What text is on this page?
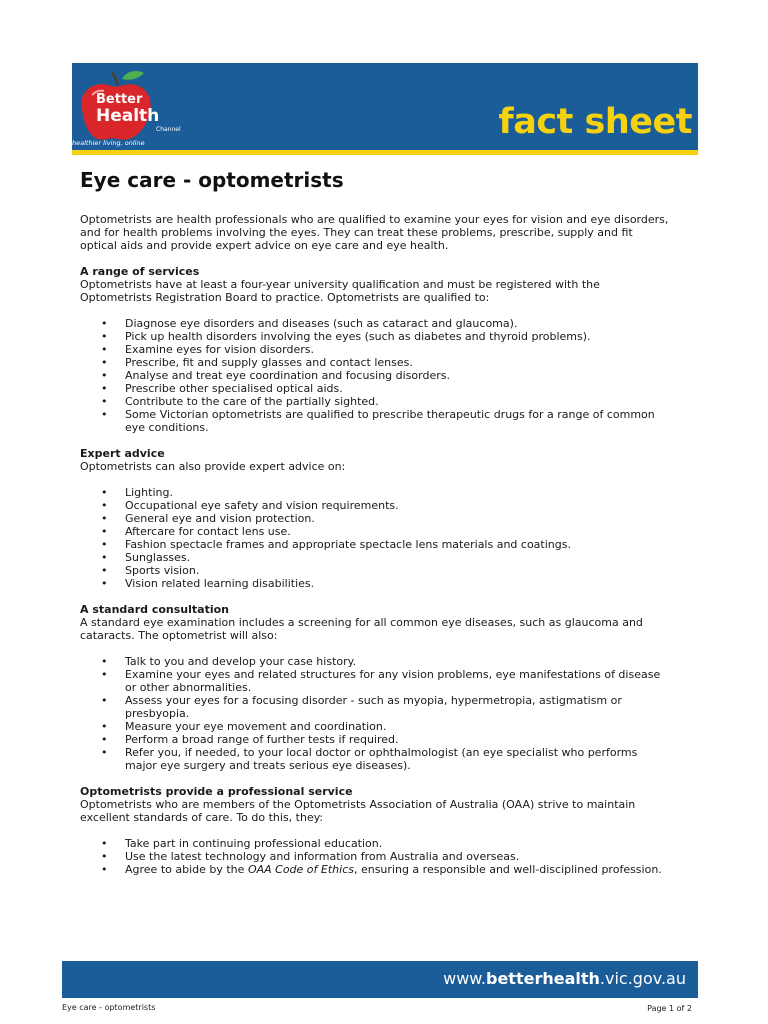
Better
Health
Channel
healthier living, online
fact sheet
Eye care - optometrists

Optometrists are health professionals who are qualified to examine your eyes for vision and eye disorders, and for health problems involving the eyes. They can treat these problems, prescribe, supply and fit optical aids and provide expert advice on eye care and eye health.

A range of services

Optometrists have at least a four-year university qualification and must be registered with the Optometrists Registration Board to practice. Optometrists are qualified to:

• Diagnose eye disorders and diseases (such as cataract and glaucoma).
• Pick up health disorders involving the eyes (such as diabetes and thyroid problems).
• Examine eyes for vision disorders.
• Prescribe, fit and supply glasses and contact lenses.
• Analyse and treat eye coordination and focusing disorders.
• Prescribe other specialised optical aids.
• Contribute to the care of the partially sighted.
• Some Victorian optometrists are qualified to prescribe therapeutic drugs for a range of common eye conditions.

Expert advice

Optometrists can also provide expert advice on:

• Lighting.
• Occupational eye safety and vision requirements.
• General eye and vision protection.
• Aftercare for contact lens use.
• Fashion spectacle frames and appropriate spectacle lens materials and coatings.
• Sunglasses.
• Sports vision.
• Vision related learning disabilities.

A standard consultation

A standard eye examination includes a screening for all common eye diseases, such as glaucoma and cataracts. The optometrist will also:

• Talk to you and develop your case history.
• Examine your eyes and related structures for any vision problems, eye manifestations of disease or other abnormalities.
• Assess your eyes for a focusing disorder - such as myopia, hypermetropia, astigmatism or presbyopia.
• Measure your eye movement and coordination.
• Perform a broad range of further tests if required.
• Refer you, if needed, to your local doctor or ophthalmologist (an eye specialist who performs major eye surgery and treats serious eye diseases).

Optometrists provide a professional service

Optometrists who are members of the Optometrists Association of Australia (OAA) strive to maintain excellent standards of care. To do this, they:

• Take part in continuing professional education.
• Use the latest technology and information from Australia and overseas.
• Agree to abide by the OAA Code of Ethics, ensuring a responsible and well-disciplined profession.
www.betterhealth.vic.gov.au
Eye care - optometrists	Page 1 of 2
